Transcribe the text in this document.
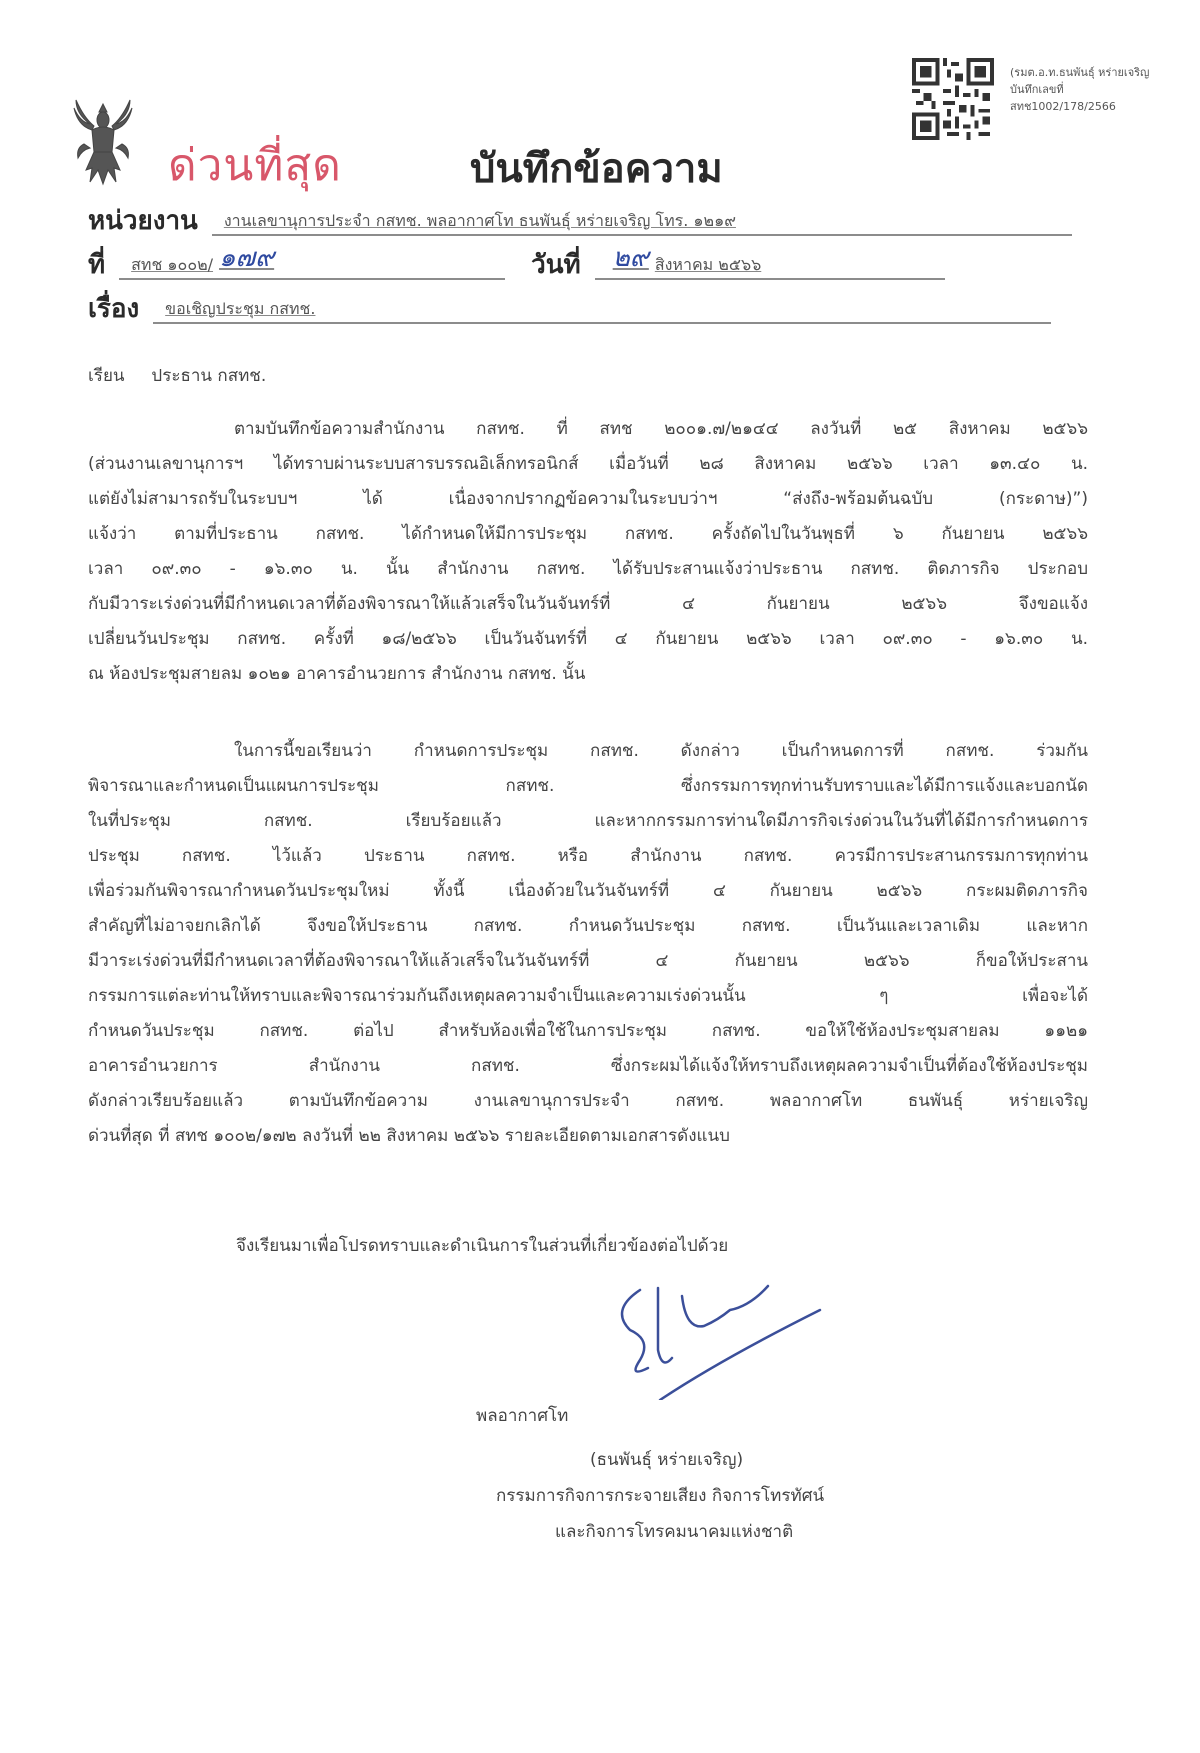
(รมต.อ.ท.ธนพันธุ์ หร่ายเจริญ
บันทึกเลขที่
สทช1002/178/2566
ด่วนที่สุด	บันทึกข้อความ
หน่วยงาน	งานเลขานุการประจำ กสทช. พลอากาศโท ธนพันธุ์ หร่ายเจริญ โทร. ๑๒๑๙
ที่ สทช ๑๐๐๒/ ๑๗๙	วันที่ ๒๙ สิงหาคม ๒๕๖๖
เรื่อง	ขอเชิญประชุม กสทช.
เรียน ประธาน กสทช.
ตามบันทึกข้อความสำนักงาน กสทช. ที่ สทช ๒๐๐๑.๗/๒๑๔๔ ลงวันที่ ๒๕ สิงหาคม ๒๕๖๖
(ส่วนงานเลขานุการฯ ได้ทราบผ่านระบบสารบรรณอิเล็กทรอนิกส์ เมื่อวันที่ ๒๘ สิงหาคม ๒๕๖๖ เวลา ๑๓.๔๐ น.
แต่ยังไม่สามารถรับในระบบฯ ได้ เนื่องจากปรากฏข้อความในระบบว่าฯ “ส่งถึง-พร้อมต้นฉบับ (กระดาษ)”)
แจ้งว่า ตามที่ประธาน กสทช. ได้กำหนดให้มีการประชุม กสทช. ครั้งถัดไปในวันพุธที่ ๖ กันยายน ๒๕๖๖
เวลา ๐๙.๓๐ - ๑๖.๓๐ น. นั้น สำนักงาน กสทช. ได้รับประสานแจ้งว่าประธาน กสทช. ติดภารกิจ ประกอบ
กับมีวาระเร่งด่วนที่มีกำหนดเวลาที่ต้องพิจารณาให้แล้วเสร็จในวันจันทร์ที่ ๔ กันยายน ๒๕๖๖ จึงขอแจ้ง
เปลี่ยนวันประชุม กสทช. ครั้งที่ ๑๘/๒๕๖๖ เป็นวันจันทร์ที่ ๔ กันยายน ๒๕๖๖ เวลา ๐๙.๓๐ - ๑๖.๓๐ น.
ณ ห้องประชุมสายลม ๑๐๒๑ อาคารอำนวยการ สำนักงาน กสทช. นั้น
ในการนี้ขอเรียนว่า กำหนดการประชุม กสทช. ดังกล่าว เป็นกำหนดการที่ กสทช. ร่วมกัน
พิจารณาและกำหนดเป็นแผนการประชุม กสทช. ซึ่งกรรมการทุกท่านรับทราบและได้มีการแจ้งและบอกนัด
ในที่ประชุม กสทช. เรียบร้อยแล้ว และหากกรรมการท่านใดมีภารกิจเร่งด่วนในวันที่ได้มีการกำหนดการ
ประชุม กสทช. ไว้แล้ว ประธาน กสทช. หรือ สำนักงาน กสทช. ควรมีการประสานกรรมการทุกท่าน
เพื่อร่วมกันพิจารณากำหนดวันประชุมใหม่ ทั้งนี้ เนื่องด้วยในวันจันทร์ที่ ๔ กันยายน ๒๕๖๖ กระผมติดภารกิจ
สำคัญที่ไม่อาจยกเลิกได้ จึงขอให้ประธาน กสทช. กำหนดวันประชุม กสทช. เป็นวันและเวลาเดิม และหาก
มีวาระเร่งด่วนที่มีกำหนดเวลาที่ต้องพิจารณาให้แล้วเสร็จในวันจันทร์ที่ ๔ กันยายน ๒๕๖๖ ก็ขอให้ประสาน
กรรมการแต่ละท่านให้ทราบและพิจารณาร่วมกันถึงเหตุผลความจำเป็นและความเร่งด่วนนั้น ๆ เพื่อจะได้
กำหนดวันประชุม กสทช. ต่อไป สำหรับห้องเพื่อใช้ในการประชุม กสทช. ขอให้ใช้ห้องประชุมสายลม ๑๑๒๑
อาคารอำนวยการ สำนักงาน กสทช. ซึ่งกระผมได้แจ้งให้ทราบถึงเหตุผลความจำเป็นที่ต้องใช้ห้องประชุม
ดังกล่าวเรียบร้อยแล้ว ตามบันทึกข้อความ งานเลขานุการประจำ กสทช. พลอากาศโท ธนพันธุ์ หร่ายเจริญ
ด่วนที่สุด ที่ สทช ๑๐๐๒/๑๗๒ ลงวันที่ ๒๒ สิงหาคม ๒๕๖๖ รายละเอียดตามเอกสารดังแนบ
จึงเรียนมาเพื่อโปรดทราบและดำเนินการในส่วนที่เกี่ยวข้องต่อไปด้วย
พลอากาศโท
(ธนพันธุ์ หร่ายเจริญ)
กรรมการกิจการกระจายเสียง กิจการโทรทัศน์
และกิจการโทรคมนาคมแห่งชาติ
